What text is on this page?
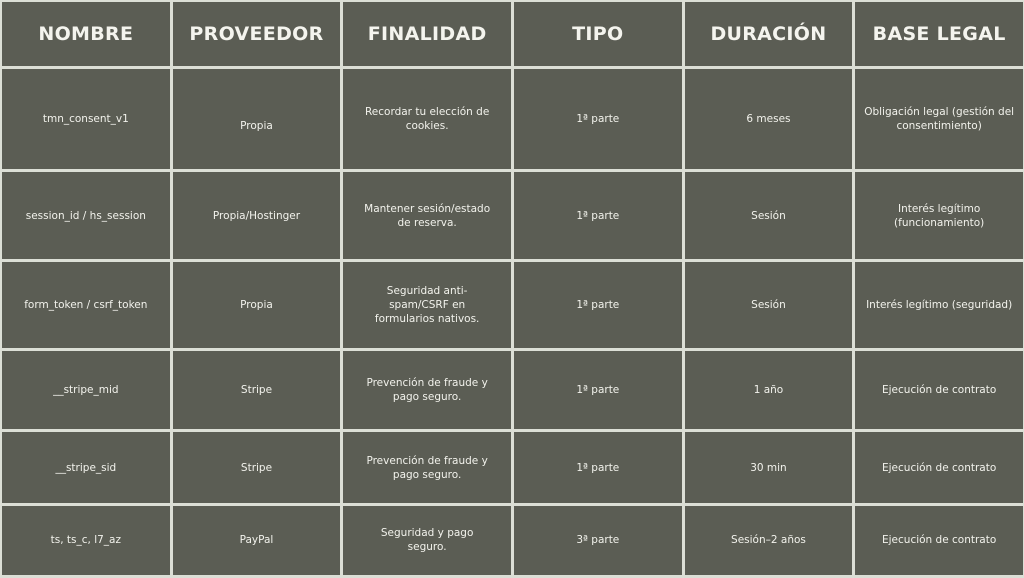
NOMBRE	PROVEEDOR	FINALIDAD	TIPO	DURACIÓN	BASE LEGAL
tmn_consent_v1	Propia	Recordar tu elección de cookies.	1ª parte	6 meses	Obligación legal (gestión del consentimiento)
session_id / hs_session	Propia/Hostinger	Mantener sesión/estado de reserva.	1ª parte	Sesión	Interés legítimo (funcionamiento)
form_token / csrf_token	Propia	Seguridad anti-spam/CSRF en formularios nativos.	1ª parte	Sesión	Interés legítimo (seguridad)
__stripe_mid	Stripe	Prevención de fraude y pago seguro.	1ª parte	1 año	Ejecución de contrato
__stripe_sid	Stripe	Prevención de fraude y pago seguro.	1ª parte	30 min	Ejecución de contrato
ts, ts_c, l7_az	PayPal	Seguridad y pago seguro.	3ª parte	Sesión–2 años	Ejecución de contrato
